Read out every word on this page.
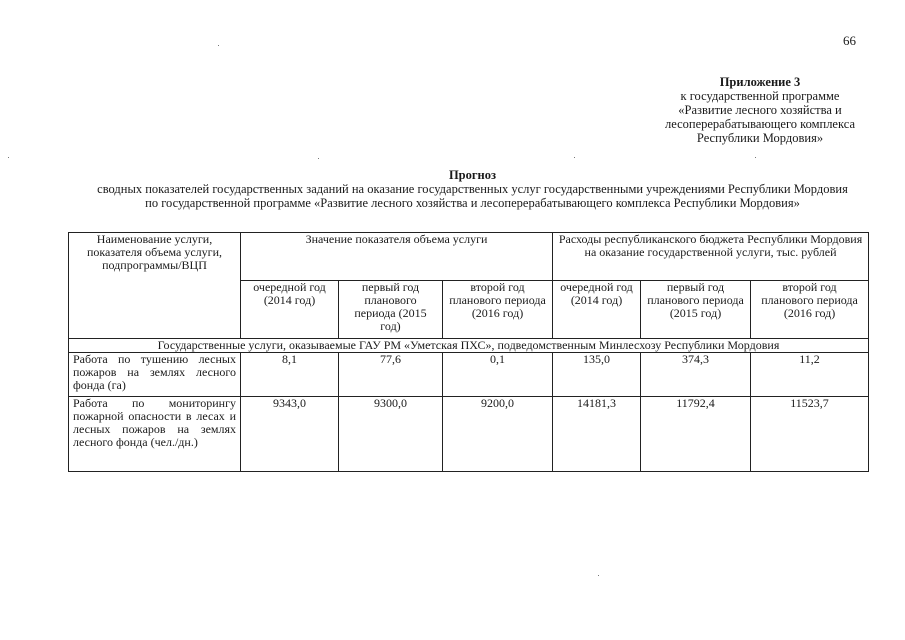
66
Приложение 3
к государственной программе
«Развитие лесного хозяйства и
лесоперерабатывающего комплекса
Республики Мордовия»
Прогноз
сводных показателей государственных заданий на оказание государственных услуг государственными учреждениями Республики Мордовия
по государственной программе «Развитие лесного хозяйства и лесоперерабатывающего комплекса Республики Мордовия»
Наименование услуги, показателя объема услуги, подпрограммы/ВЦП	Значение показателя объема услуги			Расходы республиканского бюджета Республики Мордовия на оказание государственной услуги, тыс. рублей		
	очередной год (2014 год)	первый год планового периода (2015 год)	второй год планового периода (2016 год)	очередной год (2014 год)	первый год планового периода (2015 год)	второй год планового периода (2016 год)
Государственные услуги, оказываемые ГАУ РМ «Уметская ПХС», подведомственным Минлесхозу Республики Мордовия						
Работа по тушению лесных пожаров на землях лесного фонда (га)	8,1	77,6	0,1	135,0	374,3	11,2
Работа по мониторингу пожарной опасности в лесах и лесных пожаров на землях лесного фонда (чел./дн.)	9343,0	9300,0	9200,0	14181,3	11792,4	11523,7
